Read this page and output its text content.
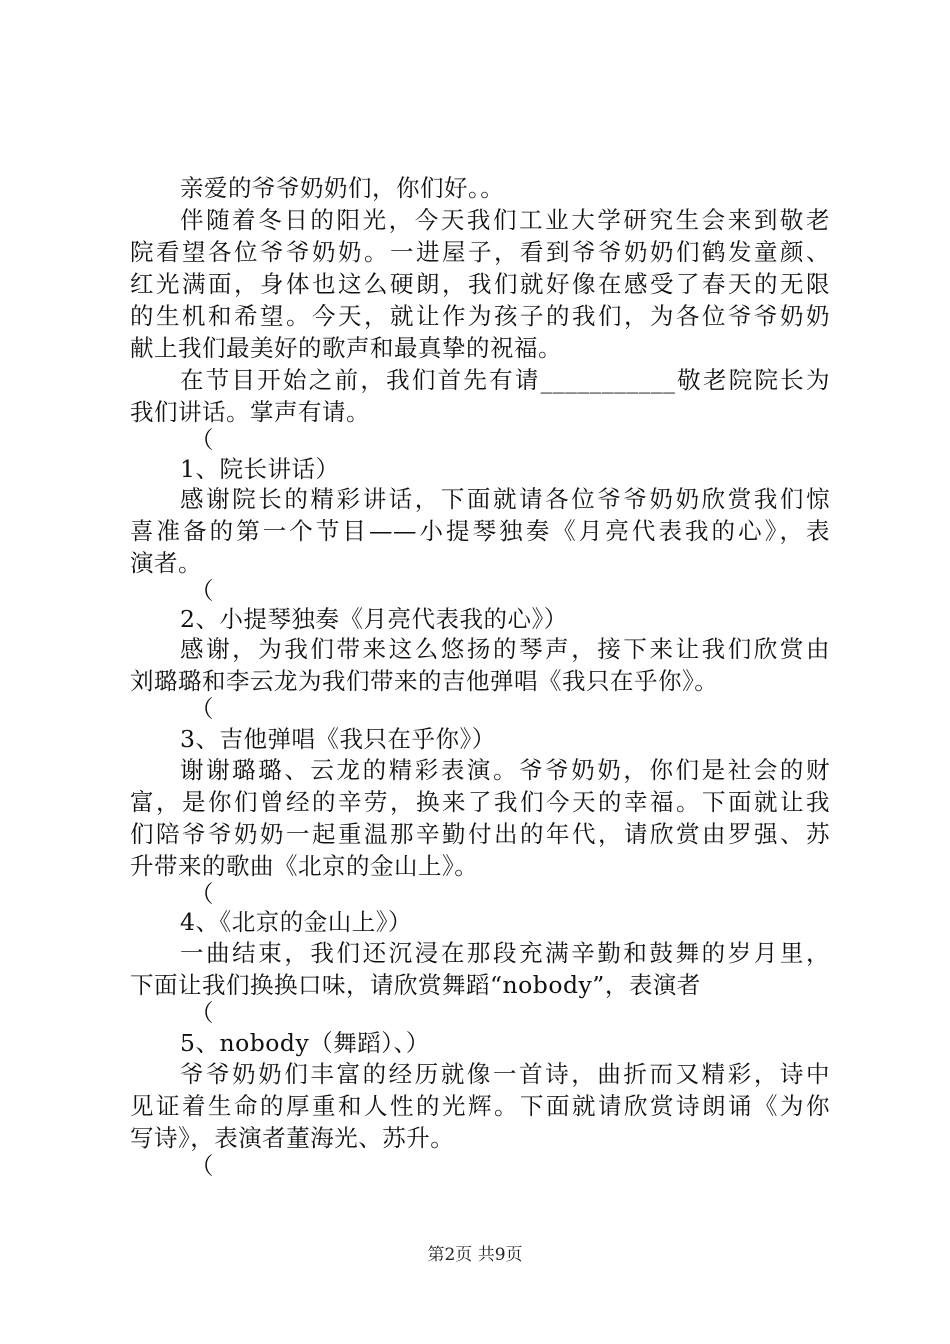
亲爱的爷爷奶奶们，你们好。。
伴随着冬日的阳光，今天我们工业大学研究生会来到敬老
院看望各位爷爷奶奶。一进屋子，看到爷爷奶奶们鹤发童颜、
红光满面，身体也这么硬朗，我们就好像在感受了春天的无限
的生机和希望。今天，就让作为孩子的我们，为各位爷爷奶奶
献上我们最美好的歌声和最真挚的祝福。
在节目开始之前，我们首先有请___________敬老院院长为
我们讲话。掌声有请。
（
1、院长讲话）
感谢院长的精彩讲话，下面就请各位爷爷奶奶欣赏我们惊
喜准备的第一个节目——小提琴独奏《月亮代表我的心》，表
演者。
（
2、小提琴独奏《月亮代表我的心》）
感谢，为我们带来这么悠扬的琴声，接下来让我们欣赏由
刘璐璐和李云龙为我们带来的吉他弹唱《我只在乎你》。
（
3、吉他弹唱《我只在乎你》）
谢谢璐璐、云龙的精彩表演。爷爷奶奶，你们是社会的财
富，是你们曾经的辛劳，换来了我们今天的幸福。下面就让我
们陪爷爷奶奶一起重温那辛勤付出的年代，请欣赏由罗强、苏
升带来的歌曲《北京的金山上》。
（
4、《北京的金山上》）
一曲结束，我们还沉浸在那段充满辛勤和鼓舞的岁月里，
下面让我们换换口味，请欣赏舞蹈“nobody”，表演者
（
5、nobody（舞蹈）、）
爷爷奶奶们丰富的经历就像一首诗，曲折而又精彩，诗中
见证着生命的厚重和人性的光辉。下面就请欣赏诗朗诵《为你
写诗》，表演者董海光、苏升。
（
第2页 共9页
